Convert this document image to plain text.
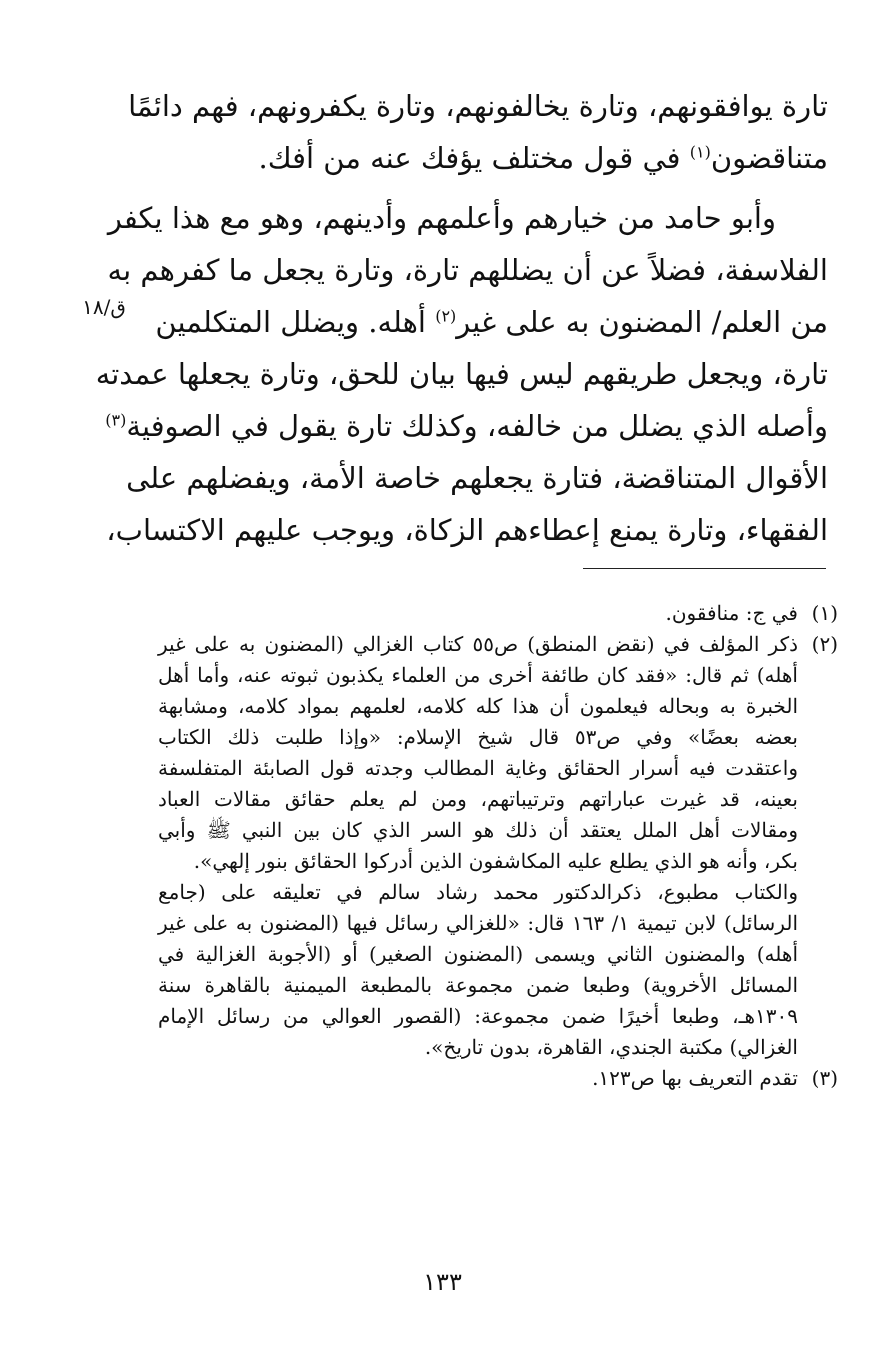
تارة يوافقونهم، وتارة يخالفونهم، وتارة يكفرونهم، فهم دائمًا
متناقضون$^{(١)}$ في قول مختلف يؤفك عنه من أفك.
وأبو حامد من خيارهم وأعلمهم وأدينهم، وهو مع هذا يكفر
الفلاسفة، فضلاً عن أن يضللهم تارة، وتارة يجعل ما كفرهم به
من العلم/ المضنون به على غير$^{(٢)}$ أهله. ويضلل المتكلمين
تارة، ويجعل طريقهم ليس فيها بيان للحق، وتارة يجعلها عمدته
وأصله الذي يضلل من خالفه، وكذلك تارة يقول في الصوفية$^{(٣)}$
الأقوال المتناقضة، فتارة يجعلهم خاصة الأمة، ويفضلهم على
الفقهاء، وتارة يمنع إعطاءهم الزكاة، ويوجب عليهم الاكتساب،
ق/١٨
(١)
في ج: منافقون.
(٢)
ذكر المؤلف في (نقض المنطق) ص٥٥ كتاب الغزالي (المضنون به على غير
أهله) ثم قال: «فقد كان طائفة أخرى من العلماء يكذبون ثبوته عنه، وأما أهل
الخبرة به وبحاله فيعلمون أن هذا كله كلامه، لعلمهم بمواد كلامه، ومشابهة
بعضه بعضًا» وفي ص٥٣ قال شيخ الإسلام: «وإذا طلبت ذلك الكتاب
واعتقدت فيه أسرار الحقائق وغاية المطالب وجدته قول الصابئة المتفلسفة
بعينه، قد غيرت عباراتهم وترتيباتهم، ومن لم يعلم حقائق مقالات العباد
ومقالات أهل الملل يعتقد أن ذلك هو السر الذي كان بين النبي ﷺ وأبي
بكر، وأنه هو الذي يطلع عليه المكاشفون الذين أدركوا الحقائق بنور إلهي».
والكتاب مطبوع، ذكرالدكتور محمد رشاد سالم في تعليقه على (جامع
الرسائل) لابن تيمية ١/ ١٦٣ قال: «للغزالي رسائل فيها (المضنون به على غير
أهله) والمضنون الثاني ويسمى (المضنون الصغير) أو (الأجوبة الغزالية في
المسائل الأخروية) وطبعا ضمن مجموعة بالمطبعة الميمنية بالقاهرة سنة
١٣٠٩هـ، وطبعا أخيرًا ضمن مجموعة: (القصور العوالي من رسائل الإمام
الغزالي) مكتبة الجندي، القاهرة، بدون تاريخ».
(٣)
تقدم التعريف بها ص١٢٣.
١٣٣
